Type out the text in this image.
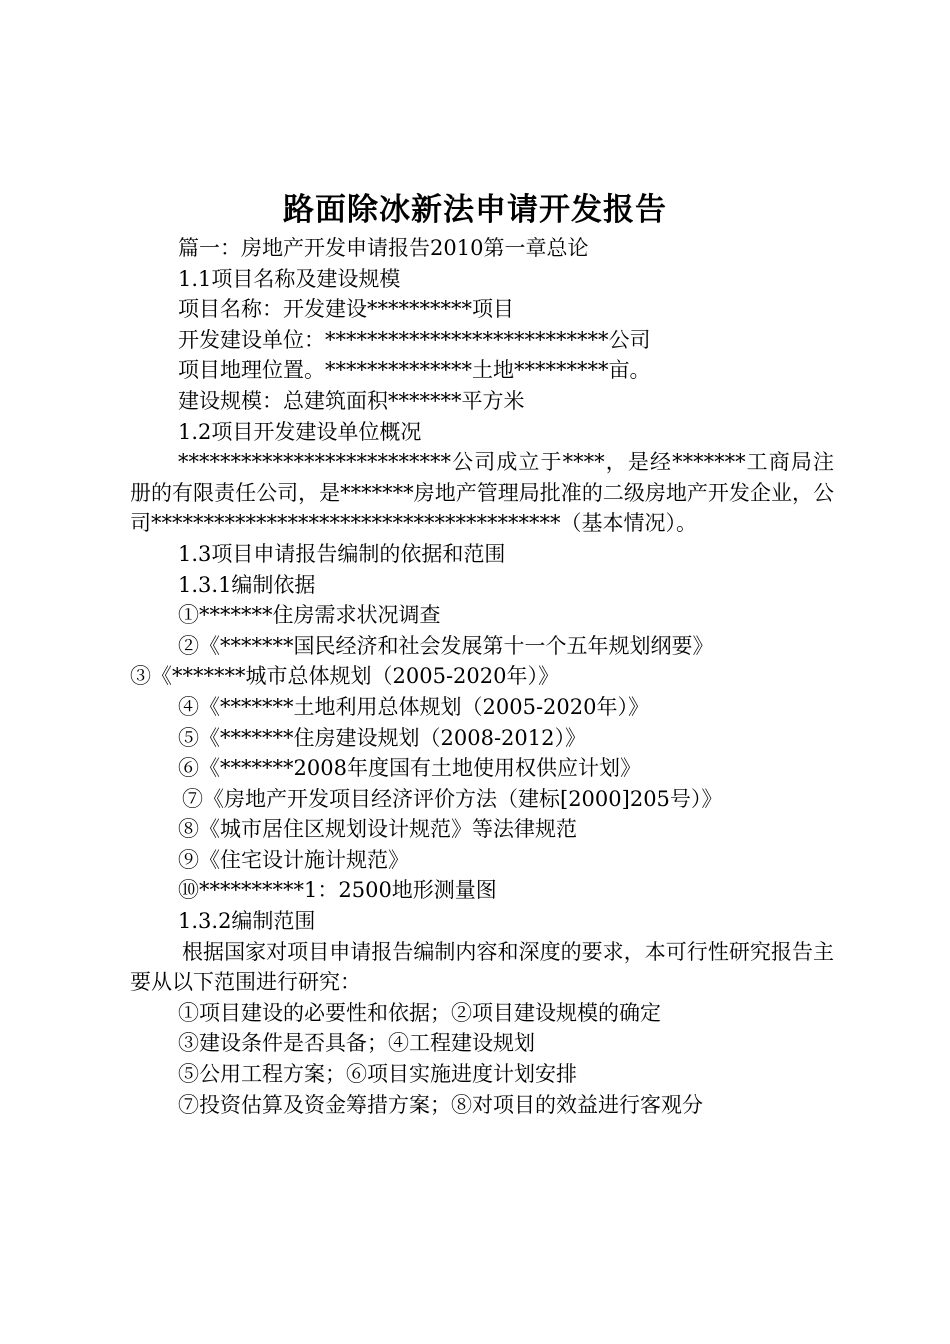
路面除冰新法申请开发报告

篇一：房地产开发申请报告2010第一章总论

1.1项目名称及建设规模

项目名称：开发建设**********项目

开发建设单位：***************************公司

项目地理位置。**************土地*********亩。

建设规模：总建筑面积*******平方米

1.2项目开发建设单位概况

**************************公司成立于****，是经*******工商局注册的有限责任公司，是*******房地产管理局批准的二级房地产开发企业，公司***************************************（基本情况）。

1.3项目申请报告编制的依据和范围

1.3.1编制依据

①*******住房需求状况调查

②《*******国民经济和社会发展第十一个五年规划纲要》

③《*******城市总体规划（2005-2020年）》

④《*******土地利用总体规划（2005-2020年）》

⑤《*******住房建设规划（2008-2012）》

⑥《*******2008年度国有土地使用权供应计划》

⑦《房地产开发项目经济评价方法（建标[2000]205号）》

⑧《城市居住区规划设计规范》等法律规范

⑨《住宅设计施计规范》

⑩**********1：2500地形测量图

1.3.2编制范围

根据国家对项目申请报告编制内容和深度的要求，本可行性研究报告主要从以下范围进行研究：

①项目建设的必要性和依据；②项目建设规模的确定

③建设条件是否具备；④工程建设规划

⑤公用工程方案；⑥项目实施进度计划安排

⑦投资估算及资金筹措方案；⑧对项目的效益进行客观分
